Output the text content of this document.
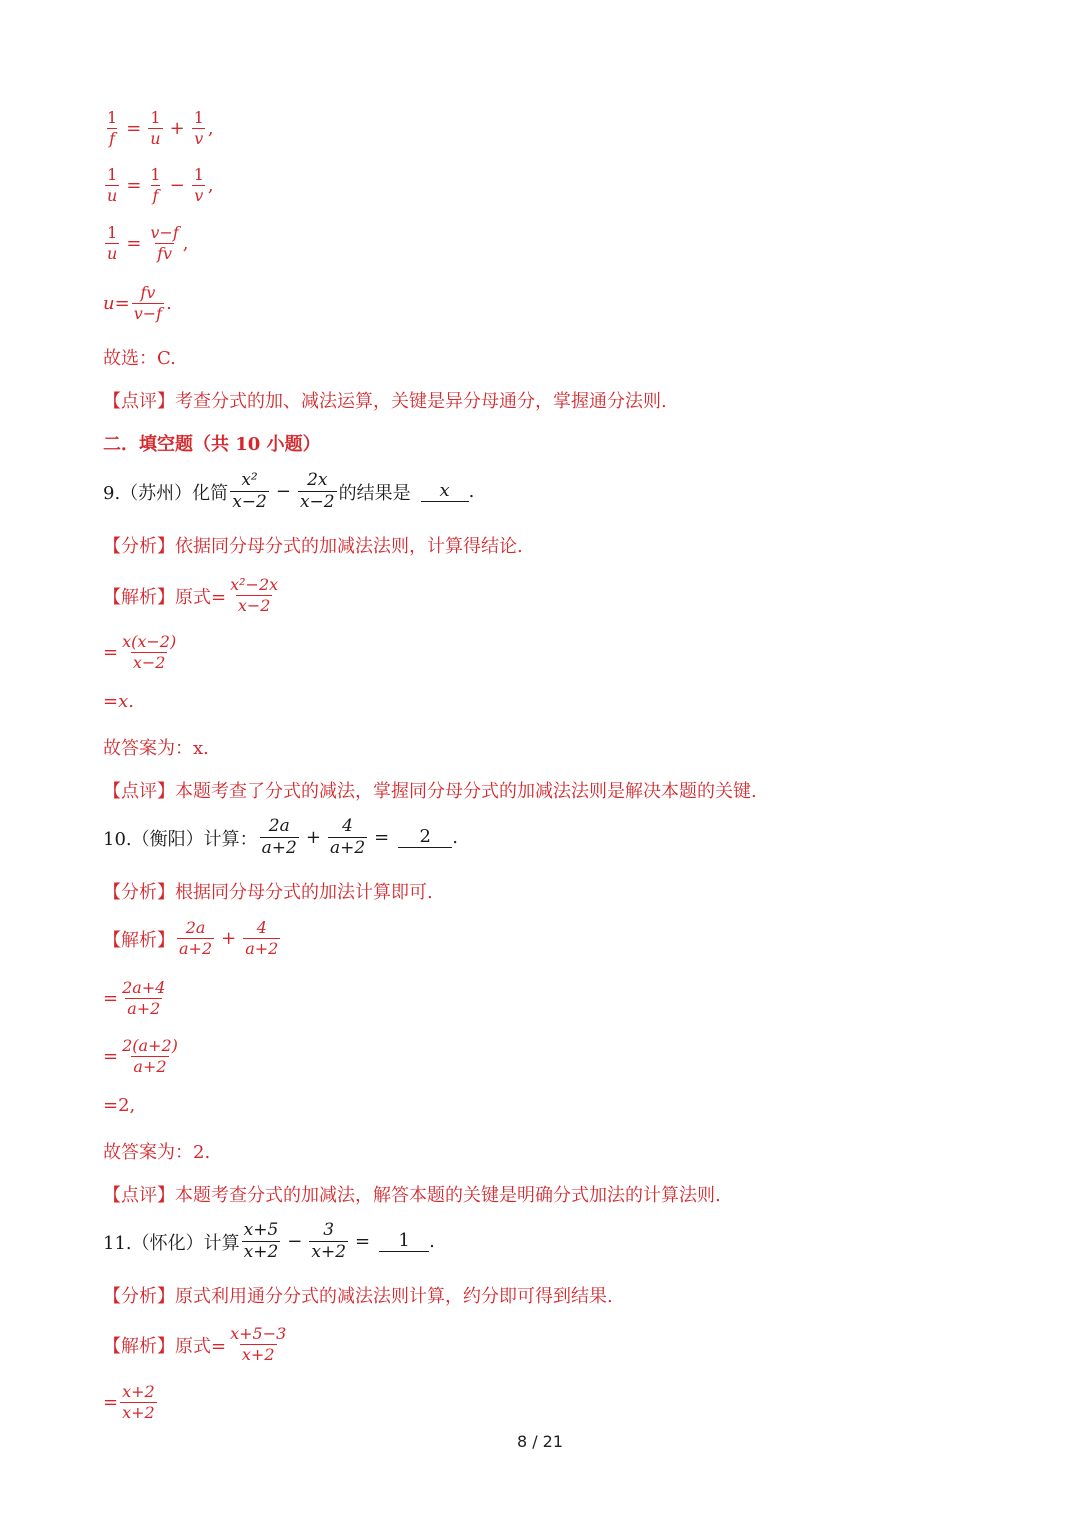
$\frac{1}{f} = \frac{1}{u} + \frac{1}{v}$ ,
$\frac{1}{u} = \frac{1}{f} - \frac{1}{v}$ ,
$\frac{1}{u} = \frac{v-f}{fv}$ ,
$u= \frac{fv}{v-f}$ .
故选：C.
【点评】 考查分式的加、减法运算，关键是异分母通分，掌握通分法则.
二．填空题（共 10 小题）
9.（苏州）化简 $\frac{\text{x²}}{x-2} - \frac{2x}{x-2}$ 的结果是	x	.
【分析】 依据同分母分式的加减法法则，计算得结论.
【解析】 原式= $\frac{\text{x²−2x}}{x-2}$
= $\frac{x(x-2)}{x-2}$
=x.
故答案为：x.
【点评】 本题考查了分式的减法，掌握同分母分式的加减法法则是解决本题的关键.
10.（衡阳）计算： $\frac{2a}{a+2} + \frac{4}{a+2}$ =	2	.
【分析】 根据同分母分式的加法计算即可.
【解析】 $\frac{2a}{a+2} + \frac{4}{a+2}$
= $\frac{2a+4}{a+2}$
= $\frac{2(a+2)}{a+2}$
=2,
故答案为：2.
【点评】 本题考查分式的加减法，解答本题的关键是明确分式加法的计算法则.
11.（怀化）计算 $\frac{x+5}{x+2} - \frac{3}{x+2}$ =	1	.
【分析】 原式利用通分分式的减法法则计算，约分即可得到结果.
【解析】 原式= $\frac{x+5-3}{x+2}$
= $\frac{x+2}{x+2}$
8 / 21
